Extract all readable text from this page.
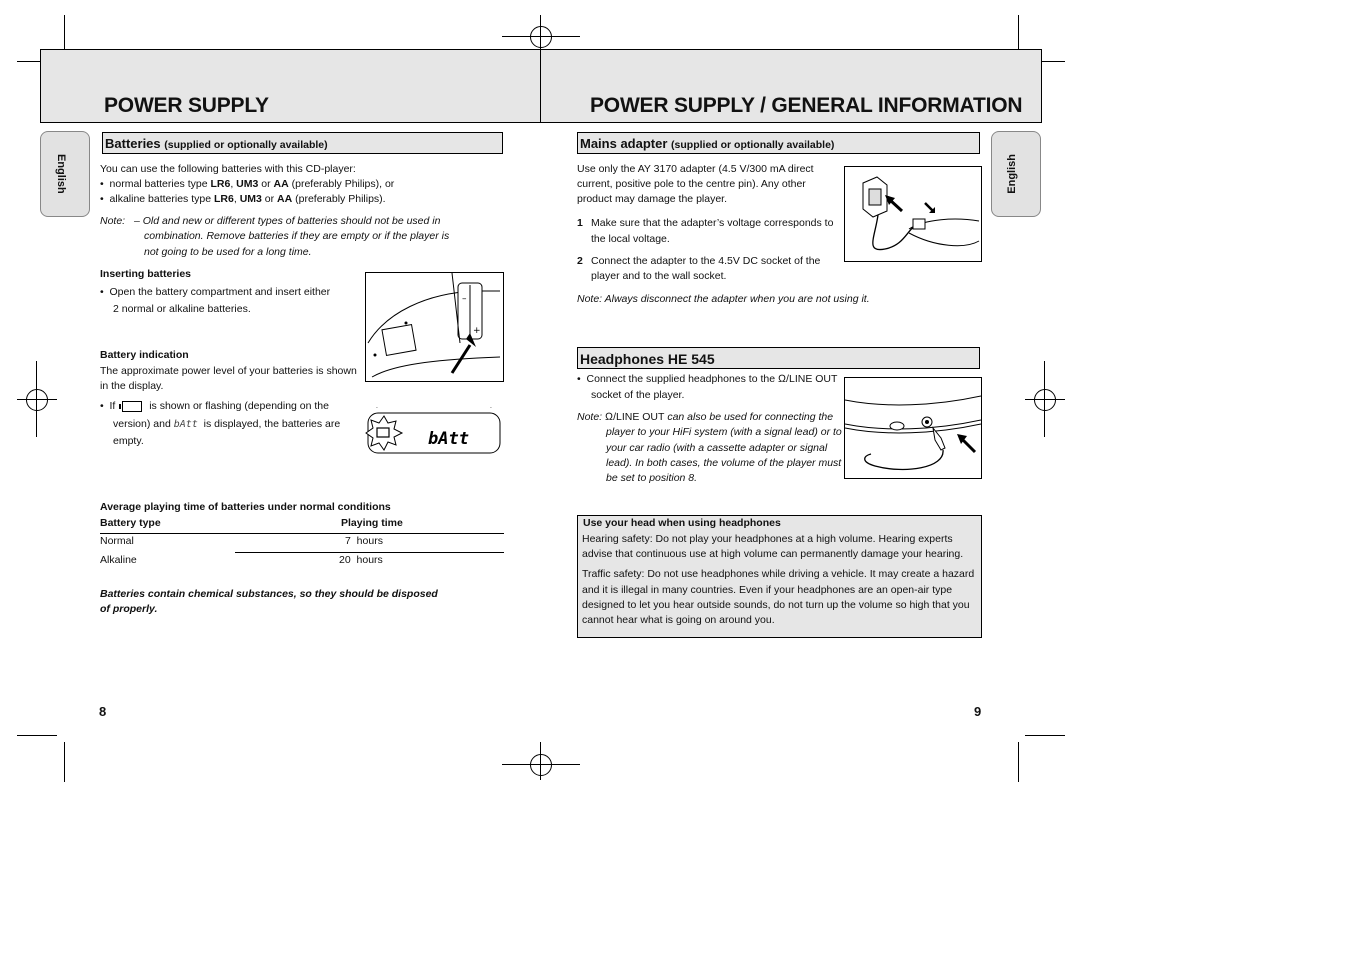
POWER SUPPLY	POWER SUPPLY / GENERAL INFORMATION
English	English
Batteries (supplied or optionally available)
You can use the following batteries with this CD-player:
•  normal batteries type LR6, UM3 or AA (preferably Philips), or
•  alkaline batteries type LR6, UM3 or AA (preferably Philips).
Note: – Old and new or different types of batteries should not be used in
combination. Remove batteries if they are empty or if the player is
not going to be used for a long time.
Inserting batteries
•  Open the battery compartment and insert either
2 normal or alkaline batteries.
–
+
Battery indication
The approximate power level of your batteries is shown
in the display.
•  If	is shown or flashing (depending on the
version) and bAtt is displayed, the batteries are
empty.	bAtt
·	·
Average playing time of batteries under normal conditions
Battery type	Playing time
Normal	7  hours
Alkaline	20  hours
Batteries contain chemical substances, so they should be disposed
of properly.
8
Mains adapter (supplied or optionally available)
Use only the AY 3170 adapter (4.5 V/300 mA direct
current, positive pole to the centre pin). Any other
product may damage the player.
1 Make sure that the adapter’s voltage corresponds to
the local voltage.
2 Connect the adapter to the 4.5V DC socket of the
player and to the wall socket.
Note: Always disconnect the adapter when you are not using it.
Headphones HE 545
•  Connect the supplied headphones to the Ω/LINE OUT
socket of the player.
Note: Ω/LINE OUT can also be used for connecting the
player to your HiFi system (with a signal lead) or to
your car radio (with a cassette adapter or signal
lead). In both cases, the volume of the player must
be set to position 8.
Use your head when using headphones
Hearing safety: Do not play your headphones at a high volume. Hearing experts
advise that continuous use at high volume can permanently damage your hearing.
Traffic safety: Do not use headphones while driving a vehicle. It may create a hazard
and it is illegal in many countries. Even if your headphones are an open-air type
designed to let you hear outside sounds, do not turn up the volume so high that you
cannot hear what is going on around you.
9
